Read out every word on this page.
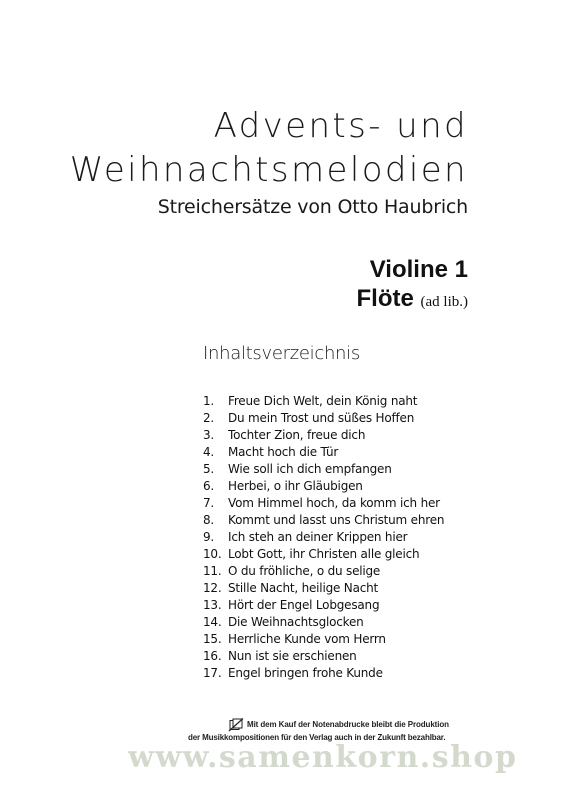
Advents- und
Weihnachtsmelodien
Streichersätze von Otto Haubrich
Violine 1
Flöte (ad lib.)
Inhaltsverzeichnis
1. Freue Dich Welt, dein König naht
2. Du mein Trost und süßes Hoffen
3. Tochter Zion, freue dich
4. Macht hoch die Tür
5. Wie soll ich dich empfangen
6. Herbei, o ihr Gläubigen
7. Vom Himmel hoch, da komm ich her
8. Kommt und lasst uns Christum ehren
9. Ich steh an deiner Krippen hier
10. Lobt Gott, ihr Christen alle gleich
11. O du fröhliche, o du selige
12. Stille Nacht, heilige Nacht
13. Hört der Engel Lobgesang
14. Die Weihnachtsglocken
15. Herrliche Kunde vom Herrn
16. Nun ist sie erschienen
17. Engel bringen frohe Kunde
Mit dem Kauf der Notenabdrucke bleibt die Produktion
der Musikkompositionen für den Verlag auch in der Zukunft bezahlbar.
www.samenkorn.shop
